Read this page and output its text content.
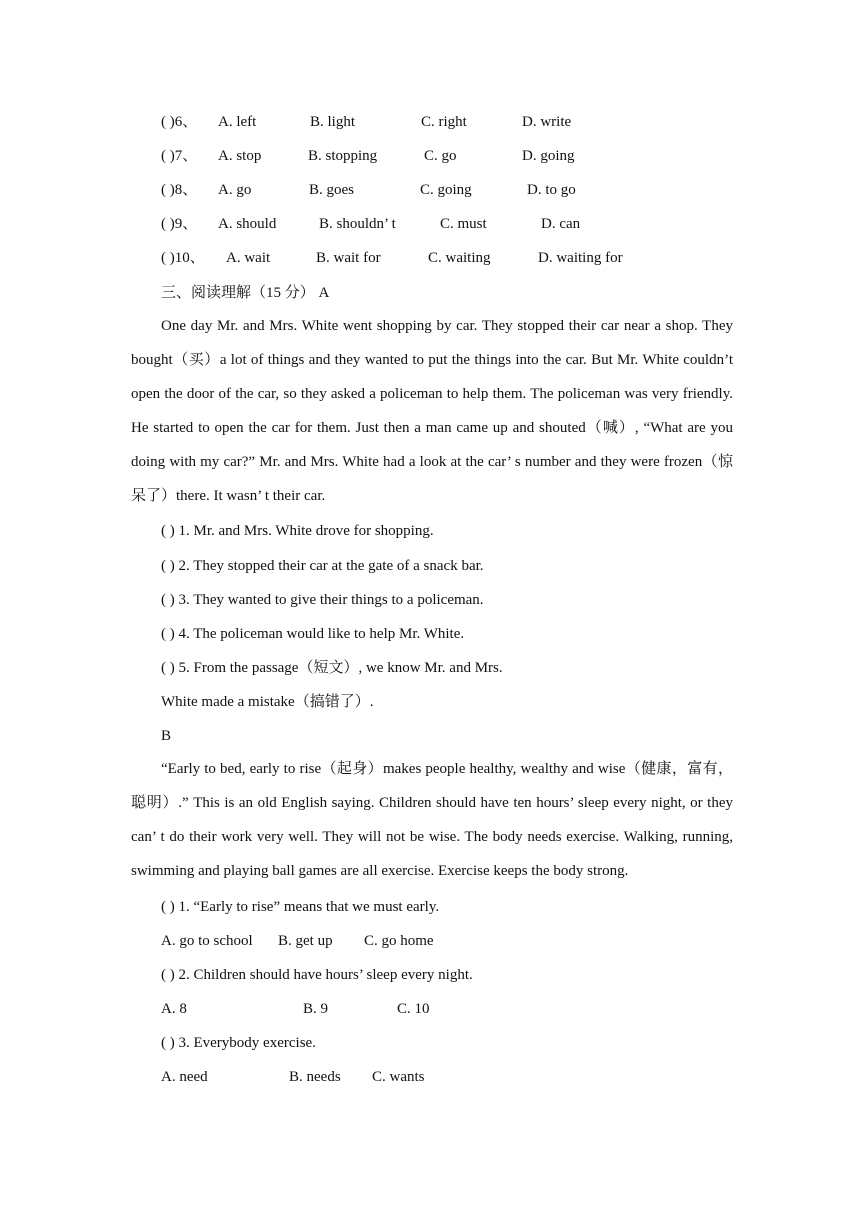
( )6、 A. left	B. light	C. right	D. write
( )7、 A. stop	B. stopping	C. go	D. going
( )8、 A. go	B. goes	C. going	D. to go
( )9、 A. should	B. shouldn’ t	C. must	D. can
( )10、 A. wait	B. wait for	C. waiting	D. waiting for
三、阅读理解（15 分） A
One day Mr. and Mrs. White went shopping by car. They stopped their car near a shop. They bought（买）a lot of things and they wanted to put the things into the car. But Mr. White couldn’t open the door of the car, so they asked a policeman to help them. The policeman was very friendly. He started to open the car for them. Just then a man came up and shouted（喊）, “What are you doing with my car?” Mr. and Mrs. White had a look at the car’ s number and they were frozen（惊呆了）there. It wasn’ t their car.
( ) 1. Mr. and Mrs. White drove for shopping.
( ) 2. They stopped their car at the gate of a snack bar.
( ) 3. They wanted to give their things to a policeman.
( ) 4. The policeman would like to help Mr. White.
( ) 5. From the passage（短文）, we know Mr. and Mrs.
White made a mistake（搞错了）.
B
“Early to bed, early to rise（起身）makes people healthy, wealthy and wise（健康，富有，聪明）.” This is an old English saying. Children should have ten hours’ sleep every night, or they can’ t do their work very well. They will not be wise. The body needs exercise. Walking, running, swimming and playing ball games are all exercise. Exercise keeps the body strong.
( ) 1. “Early to rise” means that we must early.
A. go to school B. get up C. go home
( ) 2. Children should have hours’ sleep every night.
A. 8	B. 9	C. 10
( ) 3. Everybody exercise.
A. need	B. needs C. wants
